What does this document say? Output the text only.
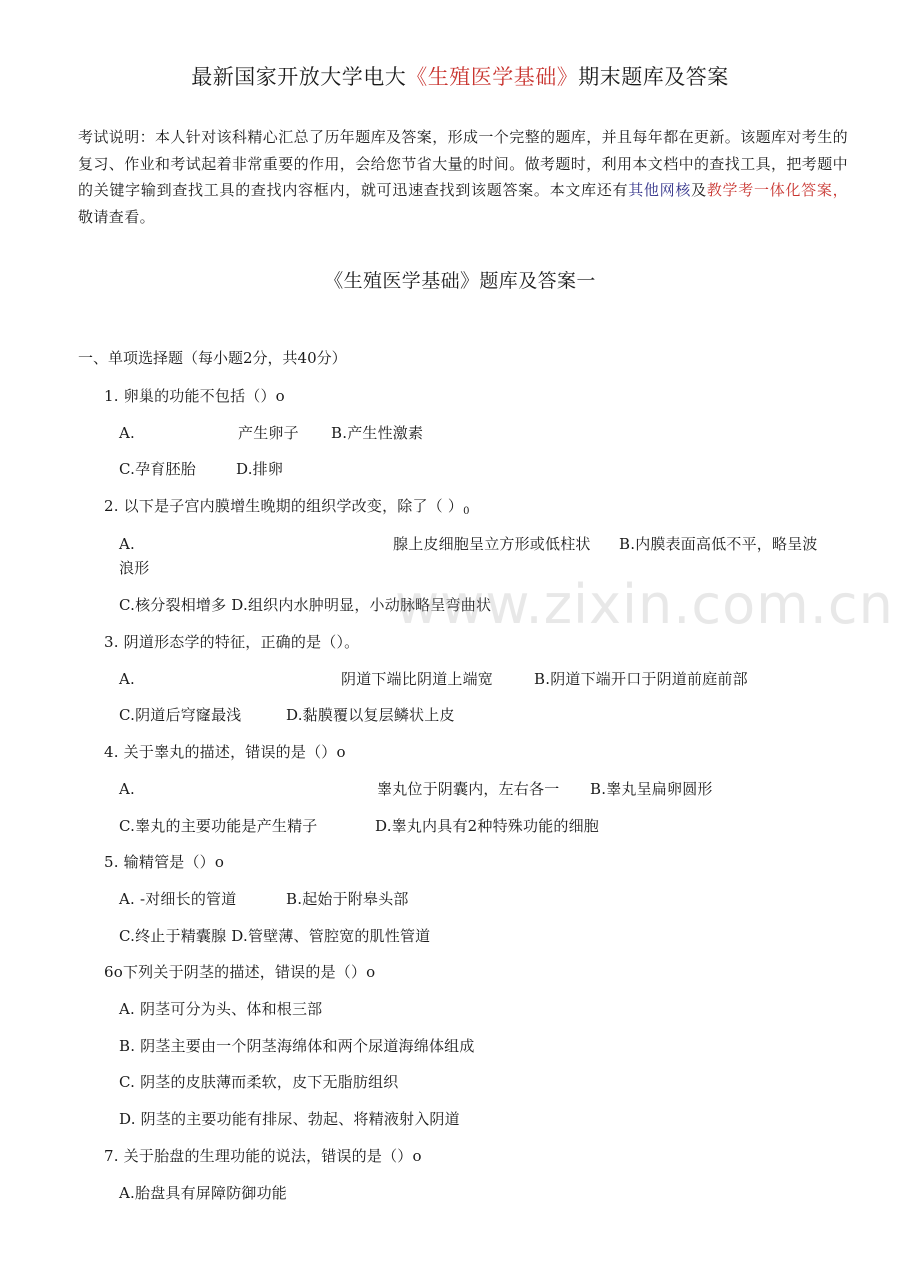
最新国家开放大学电大《生殖医学基础》期末题库及答案
考试说明：本人针对该科精心汇总了历年题库及答案，形成一个完整的题库，并且每年都在更新。该题库对考生的复习、作业和考试起着非常重要的作用，会给您节省大量的时间。做考题时，利用本文档中的查找工具，把考题中的关键字输到查找工具的查找内容框内，就可迅速查找到该题答案。本文库还有其他网核及教学考一体化答案，敬请查看。
《生殖医学基础》题库及答案一
一、单项选择题（每小题2分，共40分）
1. 卵巢的功能不包括（）o
A.	产生卵子 B.产生性激素
C.孕育胚胎	D.排卵
2. 以下是子宫内膜增生晚期的组织学改变，除了（ ）$_0$
A.	腺上皮细胞呈立方形或低柱状 B.内膜表面高低不平，略呈波
浪形
C.核分裂相增多 D.组织内水肿明显，小动脉略呈弯曲状
3. 阴道形态学的特征，正确的是（）。
A.	阴道下端比阴道上端宽	B.阴道下端开口于阴道前庭前部
C.阴道后穹窿最浅	D.黏膜覆以复层鳞状上皮
4. 关于睾丸的描述，错误的是（）o
A.	睾丸位于阴囊内，左右各一 B.睾丸呈扁卵圆形
C.睾丸的主要功能是产生精子	D.睾丸内具有2种特殊功能的细胞
5. 输精管是（）o
A. -对细长的管道	B.起始于附皋头部
C.终止于精囊腺 D.管壁薄、管腔宽的肌性管道
6o下列关于阴茎的描述，错误的是（）o
A. 阴茎可分为头、体和根三部
B. 阴茎主要由一个阴茎海绵体和两个尿道海绵体组成
C. 阴茎的皮肤薄而柔软，皮下无脂肪组织
D. 阴茎的主要功能有排尿、勃起、将精液射入阴道
7. 关于胎盘的生理功能的说法，错误的是（）o
A.胎盘具有屏障防御功能
www.zixin.com.cn
